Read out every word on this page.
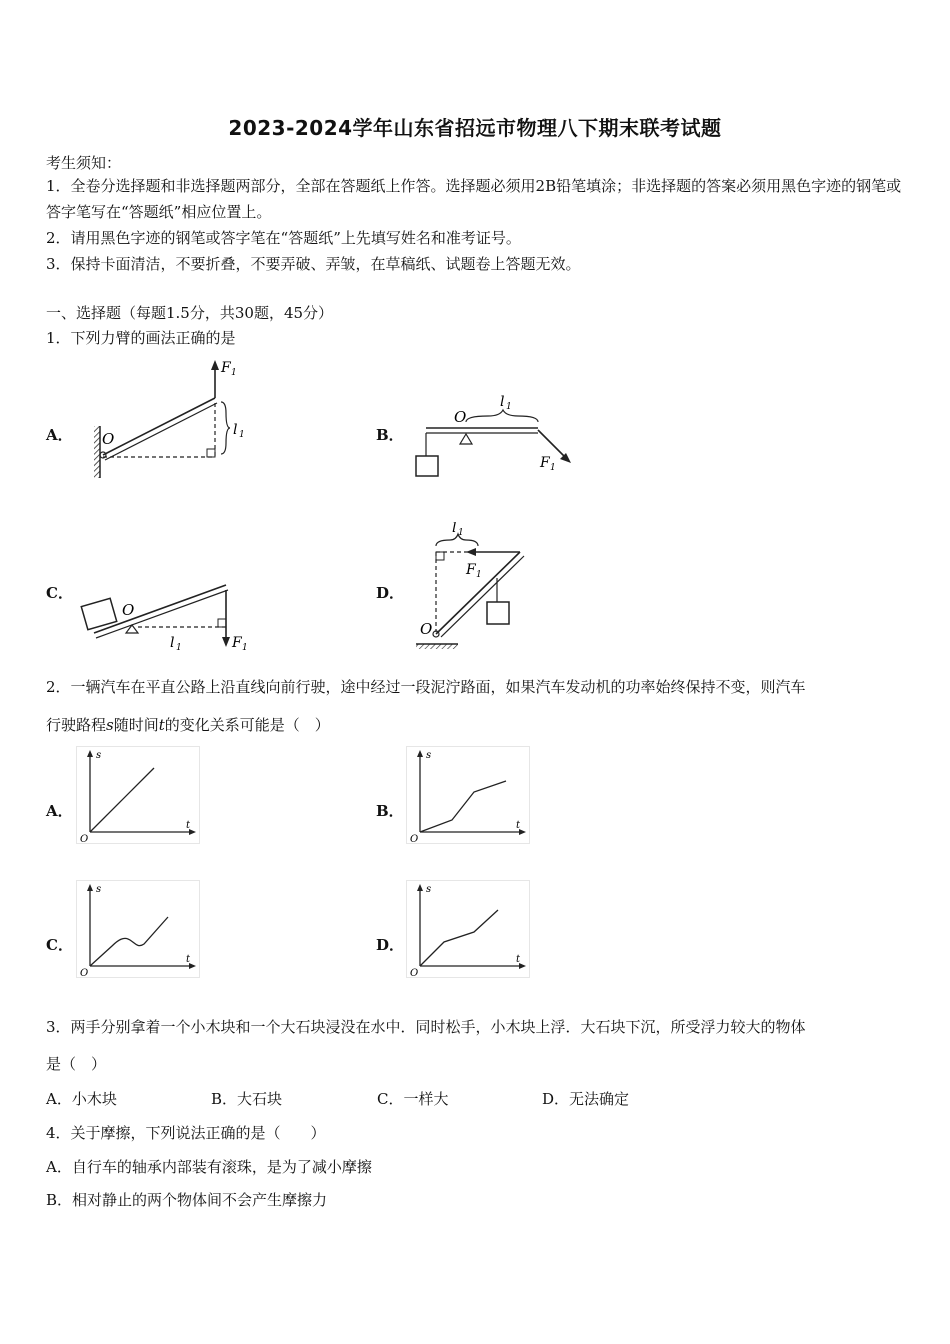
2023-2024学年山东省招远市物理八下期末联考试题
考生须知：
1．全卷分选择题和非选择题两部分，全部在答题纸上作答。选择题必须用2B铅笔填涂；非选择题的答案必须用黑色字迹的钢笔或答字笔写在“答题纸”相应位置上。
2．请用黑色字迹的钢笔或答字笔在“答题纸”上先填写姓名和准考证号。
3．保持卡面清洁，不要折叠，不要弄破、弄皱，在草稿纸、试题卷上答题无效。
一、选择题（每题1.5分，共30题，45分）
1．下列力臂的画法正确的是
A．	B．
C．	D．
O
F 1
l 1
O
l 1
F 1
O
l 1	F 1
l 1
F 1
O
2．一辆汽车在平直公路上沿直线向前行驶，途中经过一段泥泞路面，如果汽车发动机的功率始终保持不变，则汽车
行驶路程s随时间t的变化关系可能是（　）
A．	B．
C．	D．
s
t
O
s
t
O
s
t
O
s
t
O
3．两手分别拿着一个小木块和一个大石块浸没在水中．同时松手，小木块上浮．大石块下沉，所受浮力较大的物体
是（　）
A．小木块	B．大石块	C．一样大	D．无法确定
4．关于摩擦，下列说法正确的是（　　）
A．自行车的轴承内部装有滚珠，是为了减小摩擦
B．相对静止的两个物体间不会产生摩擦力
